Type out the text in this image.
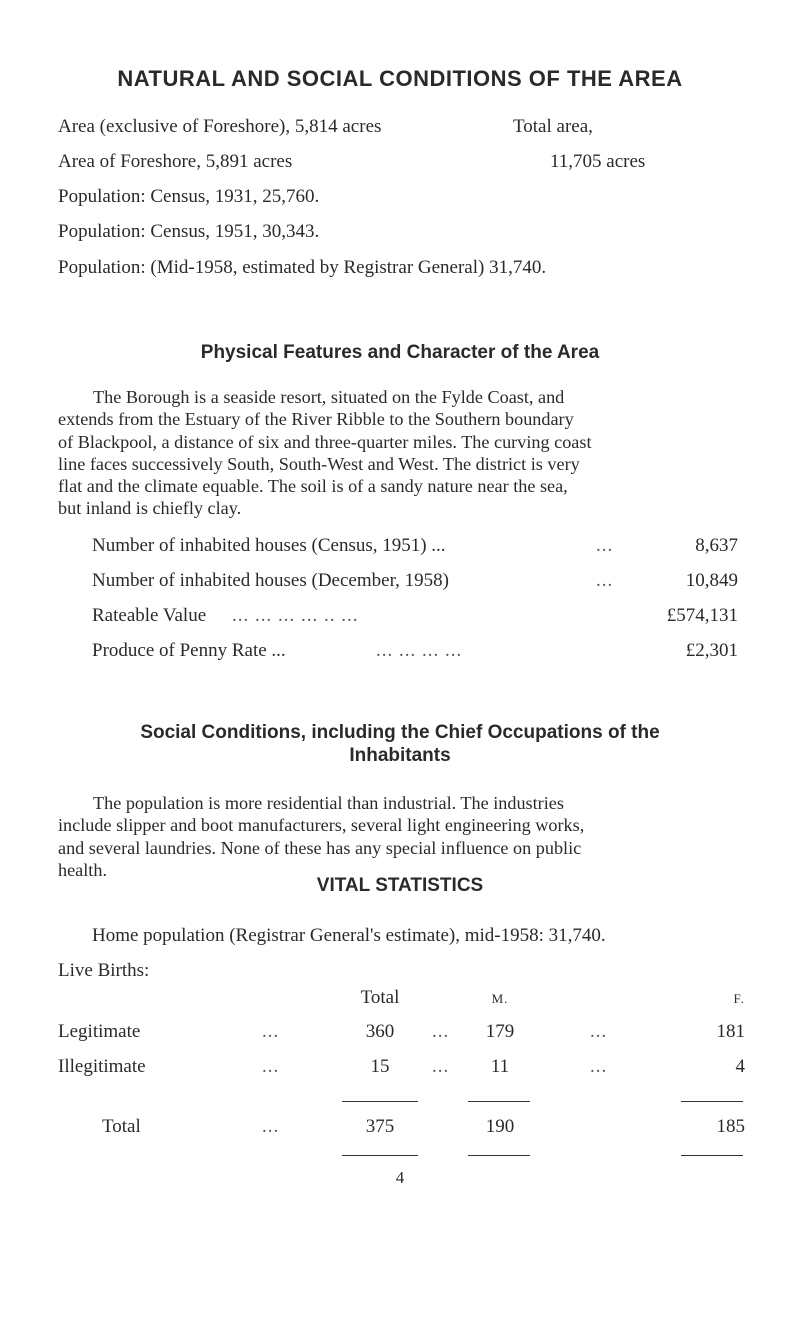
NATURAL AND SOCIAL CONDITIONS OF THE AREA
Area (exclusive of Foreshore), 5,814 acres	Total area,
Area of Foreshore, 5,891 acres	11,705 acres
Population: Census, 1931, 25,760.
Population: Census, 1951, 30,343.
Population: (Mid-1958, estimated by Registrar General) 31,740.
Physical Features and Character of the Area
The Borough is a seaside resort, situated on the Fylde Coast, and
extends from the Estuary of the River Ribble to the Southern boundary
of Blackpool, a distance of six and three-quarter miles. The curving coast
line faces successively South, South-West and West. The district is very
flat and the climate equable. The soil is of a sandy nature near the sea,
but inland is chiefly clay.
Number of inhabited houses (Census, 1951) ...	...	8,637
Number of inhabited houses (December, 1958)	...	10,849
Rateable Value ... ... ... ... .. ...	£574,131
Produce of Penny Rate ...	... ... ... ...	£2,301
Social Conditions, including the Chief Occupations of the
Inhabitants
The population is more residential than industrial. The industries
include slipper and boot manufacturers, several light engineering works,
and several laundries. None of these has any special influence on public
health.
VITAL STATISTICS
Home population (Registrar General's estimate), mid-1958: 31,740.
Live Births:
Total	M.	F.
Legitimate	...	360	...	179	...	181
Illegitimate	...	15	...	11	...	4
Total	...	375	190	185
4
